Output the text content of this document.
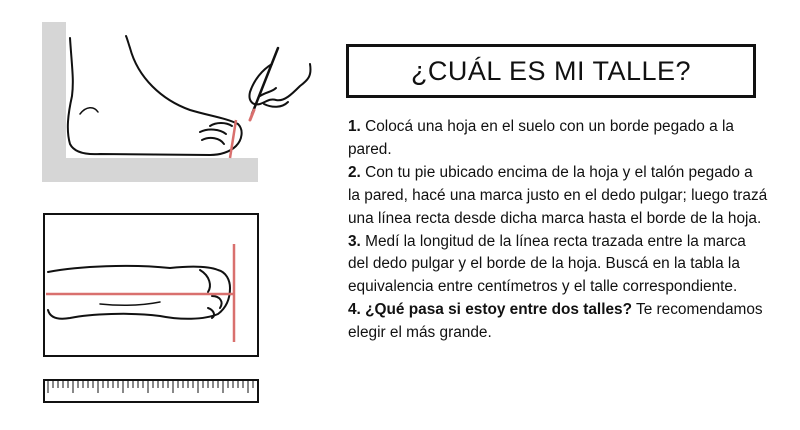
¿CUÁL ES MI TALLE?

1. Colocá una hoja en el suelo con un borde pegado a la pared.

2. Con tu pie ubicado encima de la hoja y el talón pegado a la pared, hacé una marca justo en el dedo pulgar; luego trazá una línea recta desde dicha marca hasta el borde de la hoja.

3. Medí la longitud de la línea recta trazada entre la marca del dedo pulgar y el borde de la hoja. Buscá en la tabla la equivalencia entre centímetros y el talle correspondiente.

4. ¿Qué pasa si estoy entre dos talles? Te recomendamos elegir el más grande.
